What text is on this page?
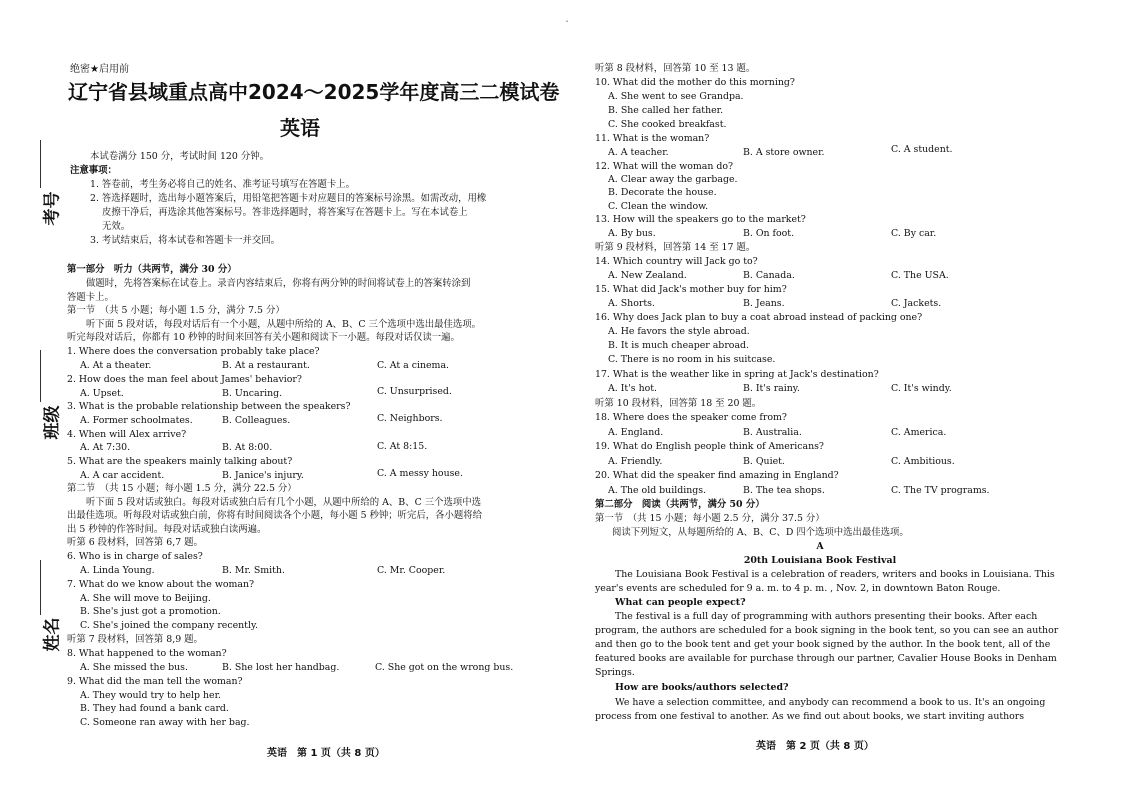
考号
班级
姓名
绝密★启用前
辽宁省县域重点高中2024～2025学年度高三二模试卷
英语
本试卷满分 150 分，考试时间 120 分钟。
注意事项：
1. 答卷前，考生务必将自己的姓名、准考证号填写在答题卡上。
2. 答选择题时，选出每小题答案后，用铅笔把答题卡对应题目的答案标号涂黑。如需改动，用橡
皮擦干净后，再选涂其他答案标号。答非选择题时，将答案写在答题卡上。写在本试卷上
无效。
3. 考试结束后，将本试卷和答题卡一并交回。
第一部分　听力（共两节，满分 30 分）
做题时，先将答案标在试卷上。录音内容结束后，你将有两分钟的时间将试卷上的答案转涂到
答题卡上。
第一节　（共 5 小题；每小题 1.5 分，满分 7.5 分）
听下面 5 段对话，每段对话后有一个小题，从题中所给的 A、B、C 三个选项中选出最佳选项。
听完每段对话后，你都有 10 秒钟的时间来回答有关小题和阅读下一小题。每段对话仅读一遍。
1. Where does the conversation probably take place?
A. At a theater.	B. At a restaurant.	C. At a cinema.
2. How does the man feel about James' behavior?
A. Upset.	B. Uncaring.	C. Unsurprised.
3. What is the probable relationship between the speakers?
A. Former schoolmates.	B. Colleagues.	C. Neighbors.
4. When will Alex arrive?
A. At 7:30.	B. At 8:00.	C. At 8:15.
5. What are the speakers mainly talking about?
A. A car accident.	B. Janice's injury.	C. A messy house.
第二节　（共 15 小题；每小题 1.5 分，满分 22.5 分）
听下面 5 段对话或独白。每段对话或独白后有几个小题，从题中所给的 A、B、C 三个选项中选
出最佳选项。听每段对话或独白前，你将有时间阅读各个小题，每小题 5 秒钟；听完后，各小题将给
出 5 秒钟的作答时间。每段对话或独白读两遍。
听第 6 段材料，回答第 6,7 题。
6. Who is in charge of sales?
A. Linda Young.	B. Mr. Smith.	C. Mr. Cooper.
7. What do we know about the woman?
A. She will move to Beijing.
B. She's just got a promotion.
C. She's joined the company recently.
听第 7 段材料，回答第 8,9 题。
8. What happened to the woman?
A. She missed the bus.	B. She lost her handbag.	C. She got on the wrong bus.
9. What did the man tell the woman?
A. They would try to help her.
B. They had found a bank card.
C. Someone ran away with her bag.
英语　第 1 页（共 8 页）
ˆ
听第 8 段材料，回答第 10 至 13 题。
10. What did the mother do this morning?
A. She went to see Grandpa.
B. She called her father.
C. She cooked breakfast.
11. What is the woman?
A. A teacher.	B. A store owner.	C. A student.
12. What will the woman do?
A. Clear away the garbage.
B. Decorate the house.
C. Clean the window.
13. How will the speakers go to the market?
A. By bus.	B. On foot.	C. By car.
听第 9 段材料，回答第 14 至 17 题。
14. Which country will Jack go to?
A. New Zealand.	B. Canada.	C. The USA.
15. What did Jack's mother buy for him?
A. Shorts.	B. Jeans.	C. Jackets.
16. Why does Jack plan to buy a coat abroad instead of packing one?
A. He favors the style abroad.
B. It is much cheaper abroad.
C. There is no room in his suitcase.
17. What is the weather like in spring at Jack's destination?
A. It's hot.	B. It's rainy.	C. It's windy.
听第 10 段材料，回答第 18 至 20 题。
18. Where does the speaker come from?
A. England.	B. Australia.	C. America.
19. What do English people think of Americans?
A. Friendly.	B. Quiet.	C. Ambitious.
20. What did the speaker find amazing in England?
A. The old buildings.	B. The tea shops.	C. The TV programs.
第二部分　阅读（共两节，满分 50 分）
第一节　（共 15 小题；每小题 2.5 分，满分 37.5 分）
阅读下列短文，从每题所给的 A、B、C、D 四个选项中选出最佳选项。
A
20th Louisiana Book Festival
The Louisiana Book Festival is a celebration of readers, writers and books in Louisiana. This
year's events are scheduled for 9 a. m. to 4 p. m. , Nov. 2, in downtown Baton Rouge.
What can people expect?
The festival is a full day of programming with authors presenting their books. After each
program, the authors are scheduled for a book signing in the book tent, so you can see an author
and then go to the book tent and get your book signed by the author. In the book tent, all of the
featured books are available for purchase through our partner, Cavalier House Books in Denham
Springs.
How are books/authors selected?
We have a selection committee, and anybody can recommend a book to us. It's an ongoing
process from one festival to another. As we find out about books, we start inviting authors
英语　第 2 页（共 8 页）
